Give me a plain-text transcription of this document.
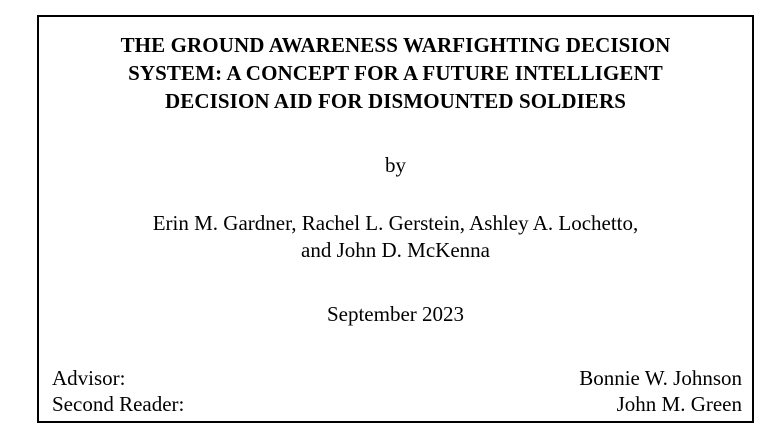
THE GROUND AWARENESS WARFIGHTING DECISION
SYSTEM: A CONCEPT FOR A FUTURE INTELLIGENT
DECISION AID FOR DISMOUNTED SOLDIERS
by
Erin M. Gardner, Rachel L. Gerstein, Ashley A. Lochetto,
and John D. McKenna
September 2023
Advisor:	Bonnie W. Johnson
Second Reader:	John M. Green
